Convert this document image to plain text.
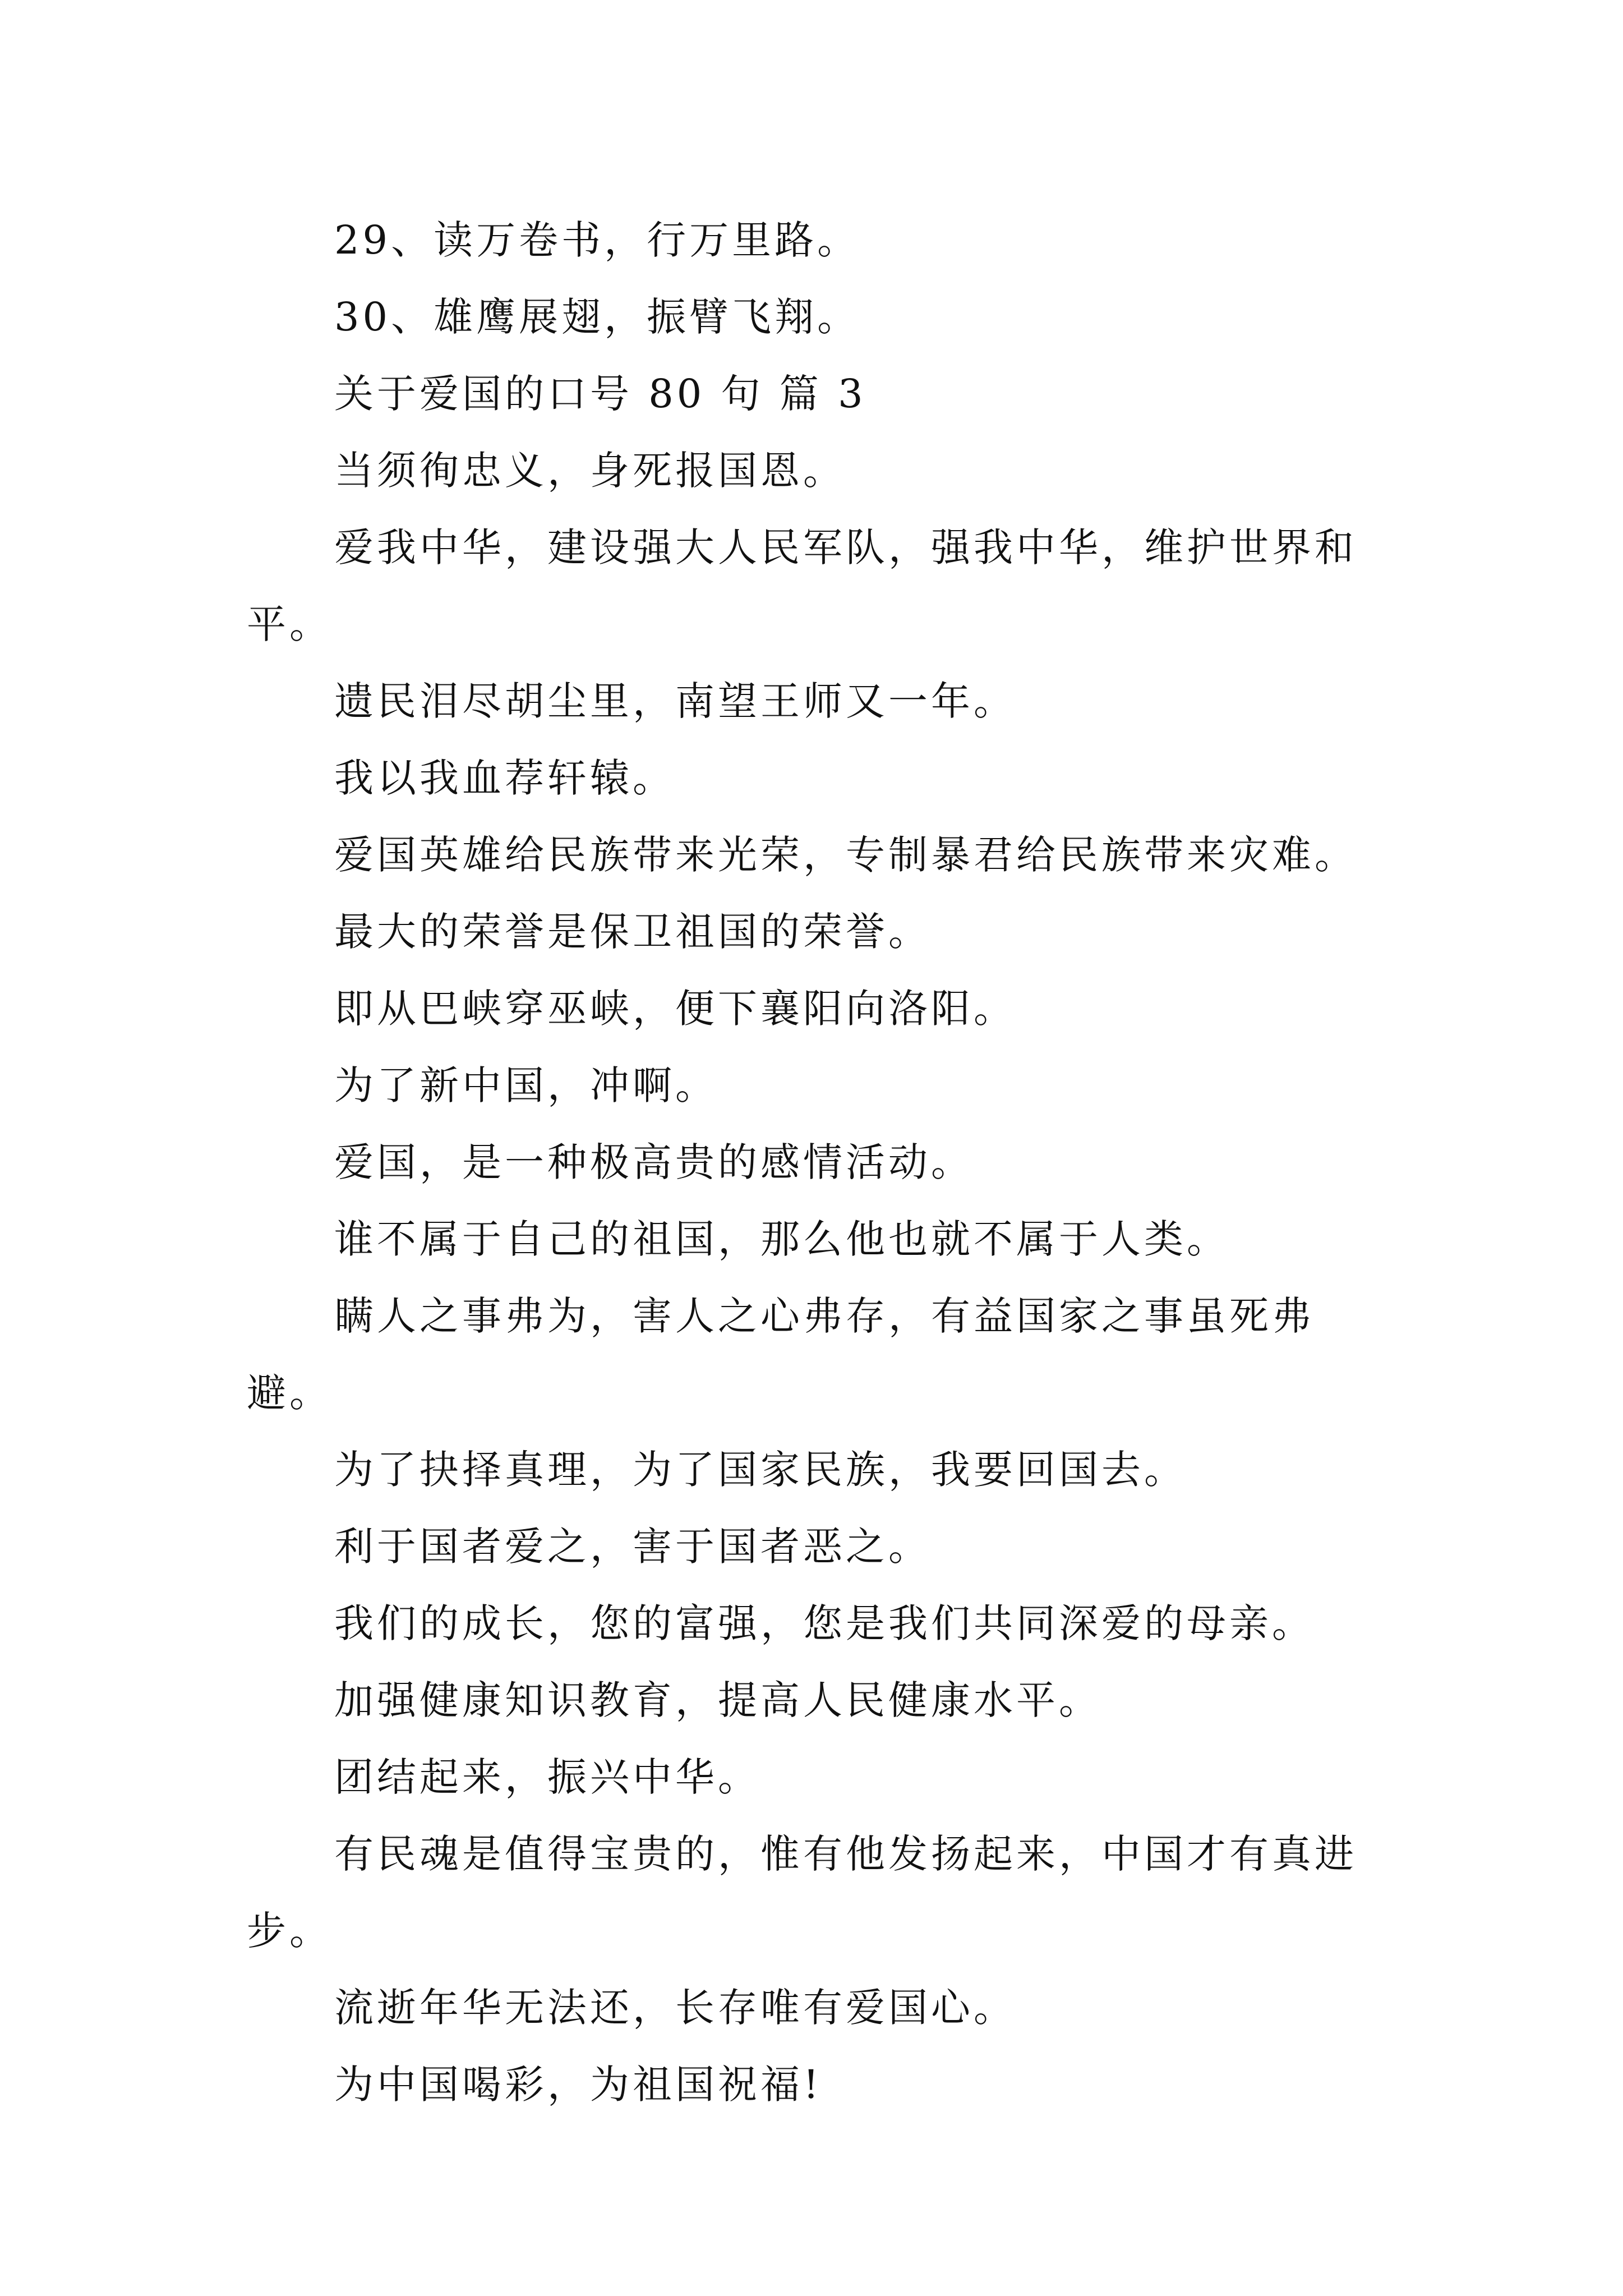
29、读万卷书，行万里路。

30、雄鹰展翅，振臂飞翔。

关于爱国的口号 80 句 篇 3

当须徇忠义，身死报国恩。

爱我中华，建设强大人民军队，强我中华，维护世界和平。

遗民泪尽胡尘里，南望王师又一年。

我以我血荐轩辕。

爱国英雄给民族带来光荣，专制暴君给民族带来灾难。

最大的荣誉是保卫祖国的荣誉。

即从巴峡穿巫峡，便下襄阳向洛阳。

为了新中国，冲啊。

爱国，是一种极高贵的感情活动。

谁不属于自己的祖国，那么他也就不属于人类。

瞒人之事弗为，害人之心弗存，有益国家之事虽死弗避。

为了抉择真理，为了国家民族，我要回国去。

利于国者爱之，害于国者恶之。

我们的成长，您的富强，您是我们共同深爱的母亲。

加强健康知识教育，提高人民健康水平。

团结起来，振兴中华。

有民魂是值得宝贵的，惟有他发扬起来，中国才有真进步。

流逝年华无法还，长存唯有爱国心。

为中国喝彩，为祖国祝福!
